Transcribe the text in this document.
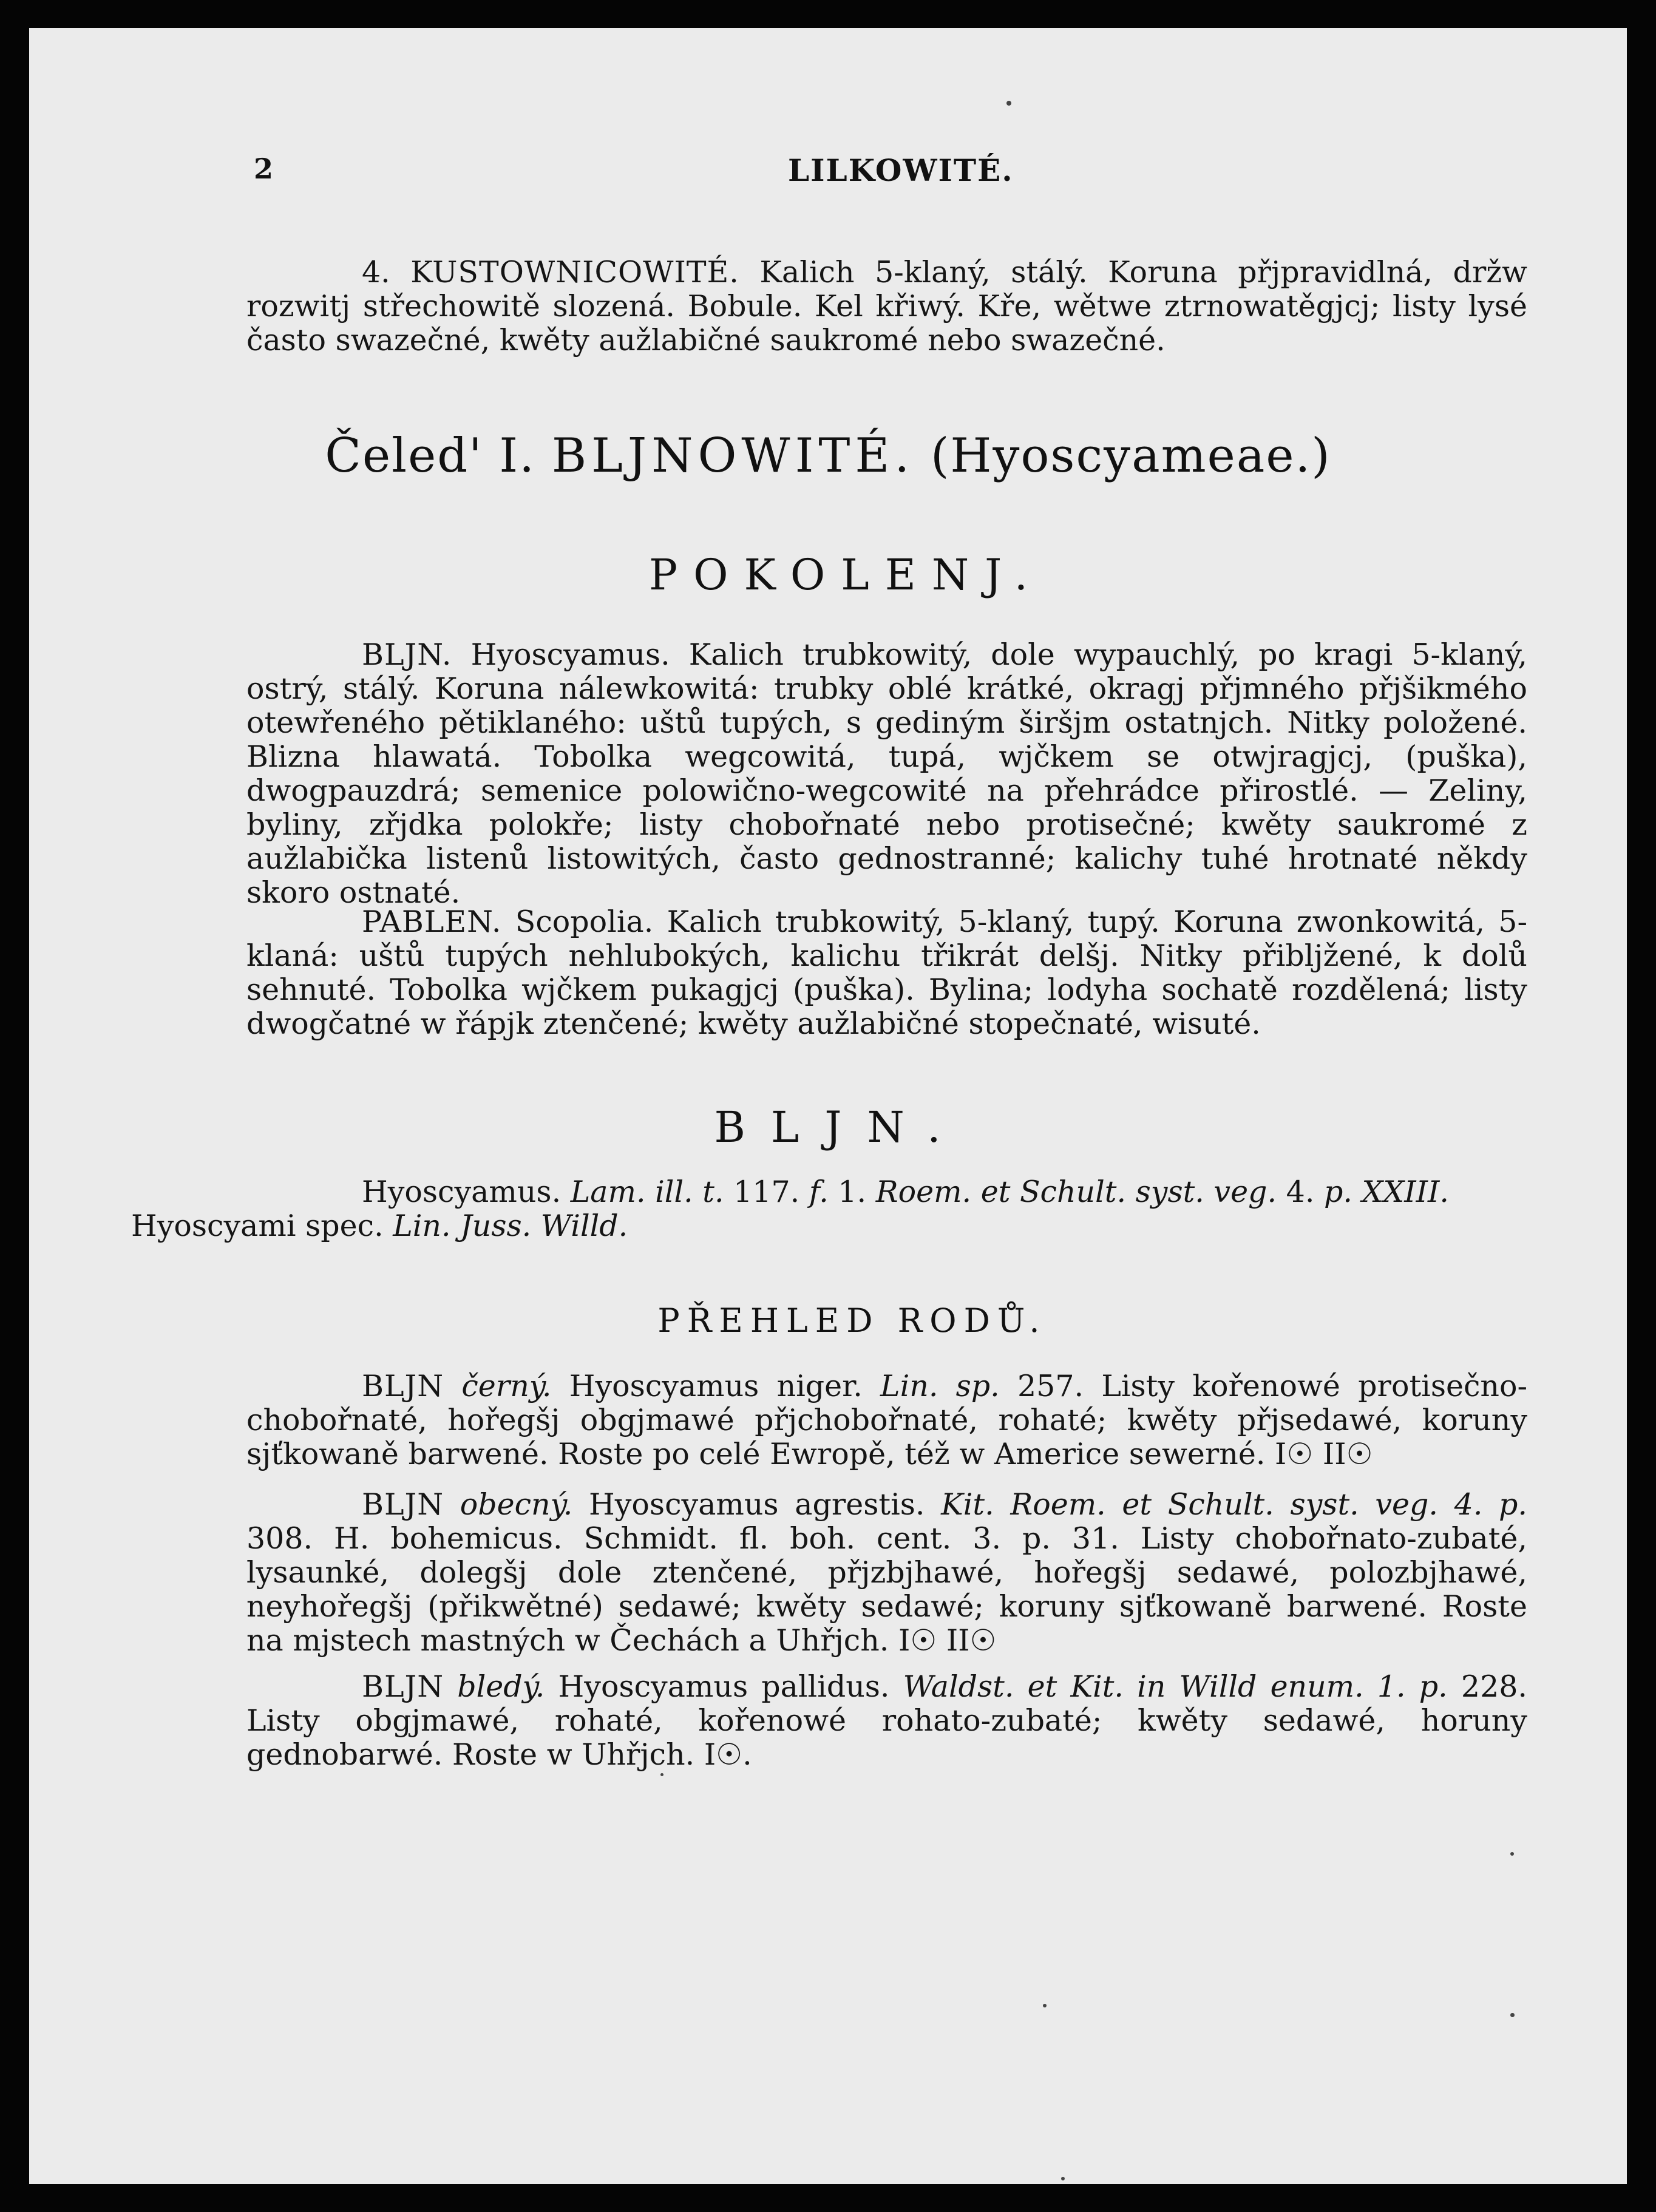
2	LILKOWITÉ.

4. KUSTOWNICOWITÉ. Kalich 5-klaný, stálý. Koruna přjpravidlná, držw rozwitj střechowitě slozená. Bobule. Kel křiwý. Kře, wětwe ztrnowatěgjcj; listy lysé často swazečné, kwěty aužlabičné saukromé nebo swazečné.

Čeled' I. BLJNOWITÉ. (Hyoscyameae.)
POKOLENJ.

BLJN. Hyoscyamus. Kalich trubkowitý, dole wypauchlý, po kragi 5-klaný, ostrý, stálý. Koruna nálewkowitá: trubky oblé krátké, okragj přjmného přjšikmého otewřeného pětiklaného: uštů tupých, s gediným širšjm ostatnjch. Nitky položené. Blizna hlawatá. Tobolka wegcowitá, tupá, wjčkem se otwjragjcj, (puška), dwogpauzdrá; semenice polowično-wegcowité na přehrádce přirostlé. — Zeliny, byliny, zřjdka polokře; listy chobořnaté nebo protisečné; kwěty saukromé z aužlabička listenů listowitých, často gednostranné; kalichy tuhé hrotnaté někdy skoro ostnaté.

PABLEN. Scopolia. Kalich trubkowitý, 5-klaný, tupý. Koruna zwonkowitá, 5-klaná: uštů tupých nehlubokých, kalichu třikrát delšj. Nitky přibljžené, k dolů sehnuté. Tobolka wjčkem pukagjcj (puška). Bylina; lodyha sochatě rozdělená; listy dwogčatné w řápjk ztenčené; kwěty aužlabičné stopečnaté, wisuté.

BLJN.

Hyoscyamus. Lam. ill. t. 117. f. 1. Roem. et Schult. syst. veg. 4. p. XXIII.
Hyoscyami spec. Lin. Juss. Willd.

PŘEHLED RODŮ.

BLJN černý. Hyoscyamus niger. Lin. sp. 257. Listy kořenowé protisečno-chobořnaté, hořegšj obgjmawé přjchobořnaté, rohaté; kwěty přjsedawé, koruny sjťkowaně barwené. Roste po celé Ewropě, též w Americe sewerné. I☉ II☉

BLJN obecný. Hyoscyamus agrestis. Kit. Roem. et Schult. syst. veg. 4. p. 308. H. bohemicus. Schmidt. fl. boh. cent. 3. p. 31. Listy chobořnato-zubaté, lysaunké, dolegšj dole ztenčené, přjzbjhawé, hořegšj sedawé, polozbjhawé, neyhořegšj (přikwětné) sedawé; kwěty sedawé; koruny sjťkowaně barwené. Roste na mjstech mastných w Čechách a Uhřjch. I☉ II☉

BLJN bledý. Hyoscyamus pallidus. Waldst. et Kit. in Willd enum. 1. p. 228. Listy obgjmawé, rohaté, kořenowé rohato-zubaté; kwěty sedawé, horuny gednobarwé. Roste w Uhřjch. I☉.
